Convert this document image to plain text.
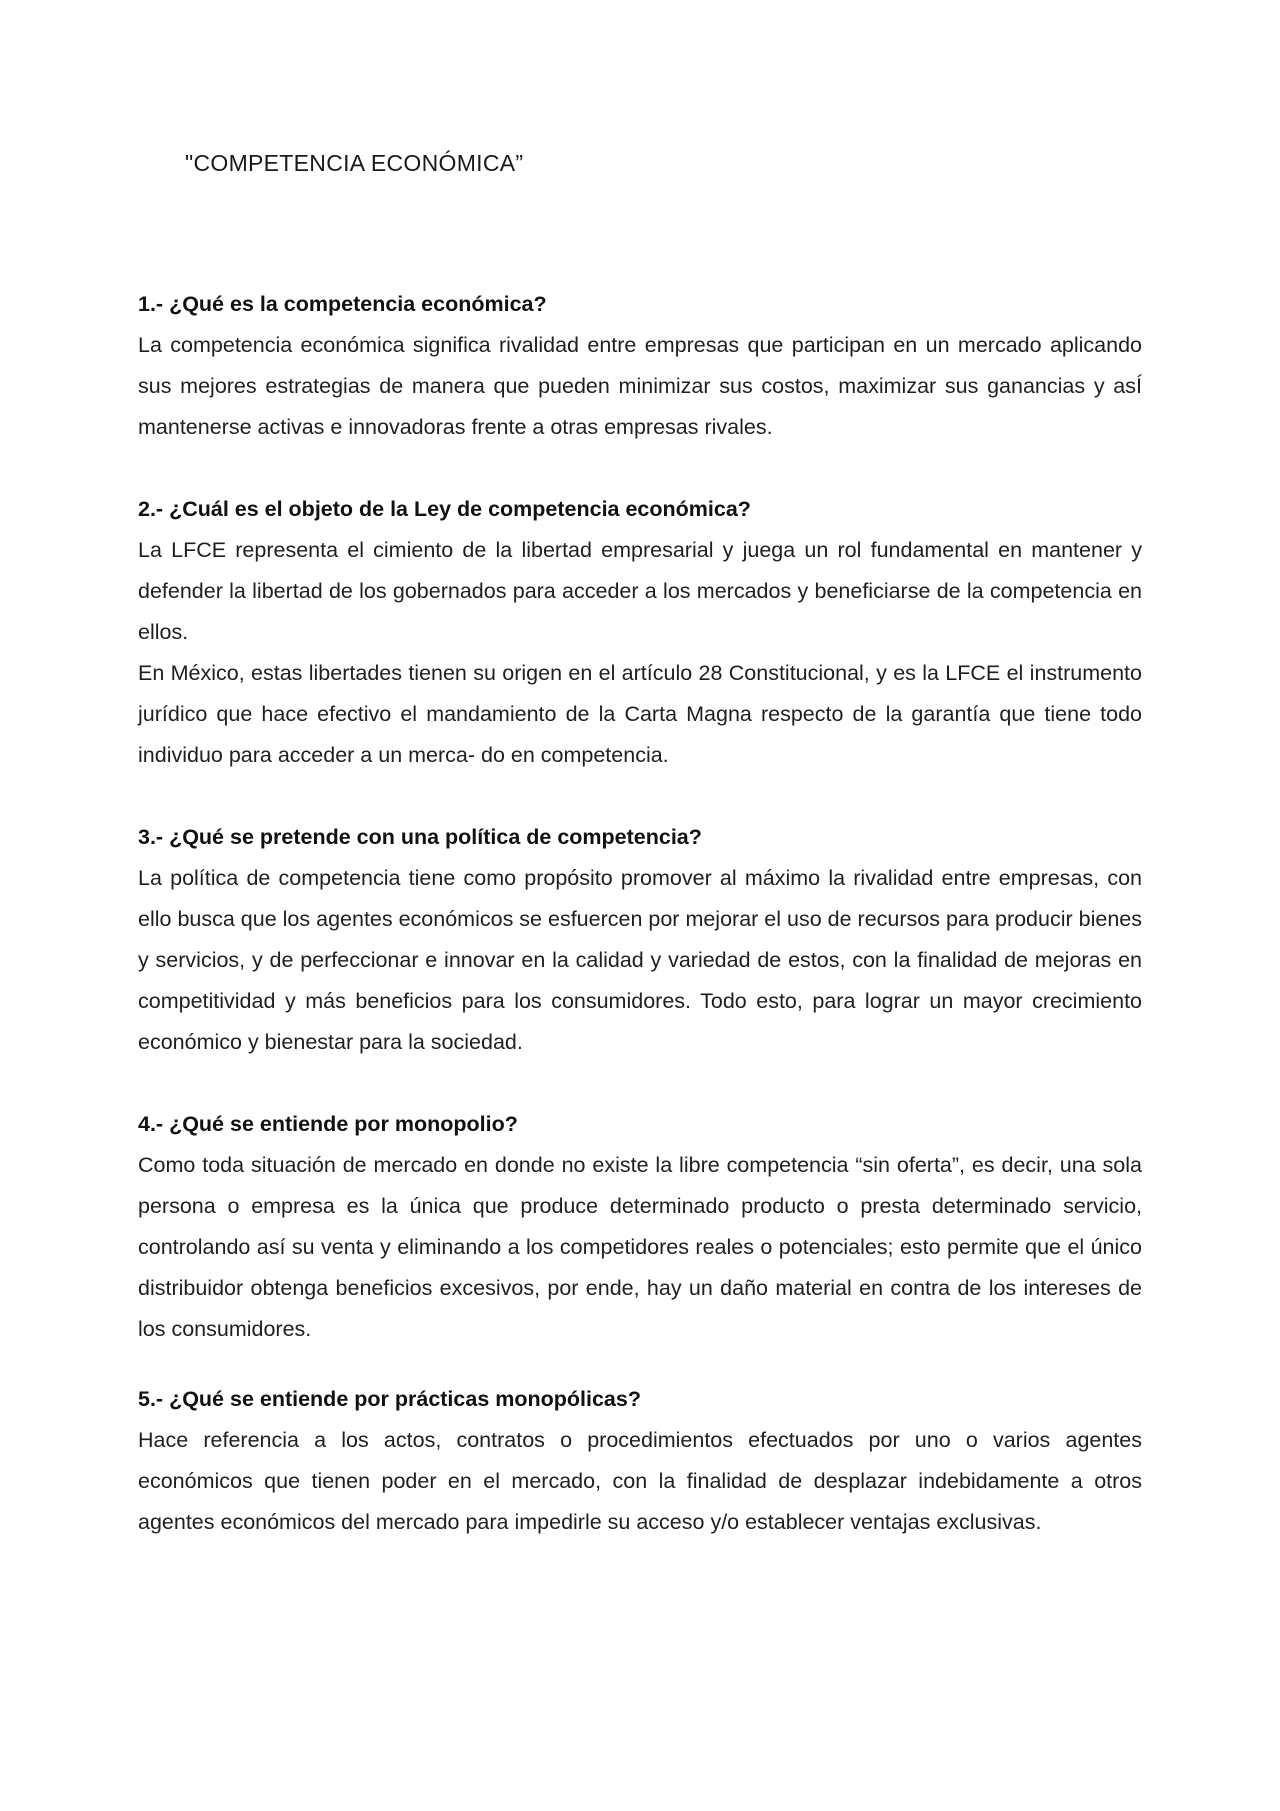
"COMPETENCIA ECONÓMICA”

1.- ¿Qué es la competencia económica?

La competencia económica significa rivalidad entre empresas que participan en un mercado aplicando sus mejores estrategias de manera que pueden minimizar sus costos, maximizar sus ganancias y asÍ mantenerse activas e innovadoras frente a otras empresas rivales.

2.- ¿Cuál es el objeto de la Ley de competencia económica?

La LFCE representa el cimiento de la libertad empresarial y juega un rol fundamental en mantener y defender la libertad de los gobernados para acceder a los mercados y beneficiarse de la competencia en ellos.

En México, estas libertades tienen su origen en el artículo 28 Constitucional, y es la LFCE el instrumento jurídico que hace efectivo el mandamiento de la Carta Magna respecto de la garantía que tiene todo individuo para acceder a un merca- do en competencia.

3.- ¿Qué se pretende con una política de competencia?

La política de competencia tiene como propósito promover al máximo la rivalidad entre empresas, con ello busca que los agentes económicos se esfuercen por mejorar el uso de recursos para producir bienes y servicios, y de perfeccionar e innovar en la calidad y variedad de estos, con la finalidad de mejoras en competitividad y más beneficios para los consumidores. Todo esto, para lograr un mayor crecimiento económico y bienestar para la sociedad.

4.- ¿Qué se entiende por monopolio?

Como toda situación de mercado en donde no existe la libre competencia “sin oferta”, es decir, una sola persona o empresa es la única que produce determinado producto o presta determinado servicio, controlando así su venta y eliminando a los competidores reales o potenciales; esto permite que el único distribuidor obtenga beneficios excesivos, por ende, hay un daño material en contra de los intereses de los consumidores.

5.- ¿Qué se entiende por prácticas monopólicas?

Hace referencia a los actos, contratos o procedimientos efectuados por uno o varios agentes económicos que tienen poder en el mercado, con la finalidad de desplazar indebidamente a otros agentes económicos del mercado para impedirle su acceso y/o establecer ventajas exclusivas.
